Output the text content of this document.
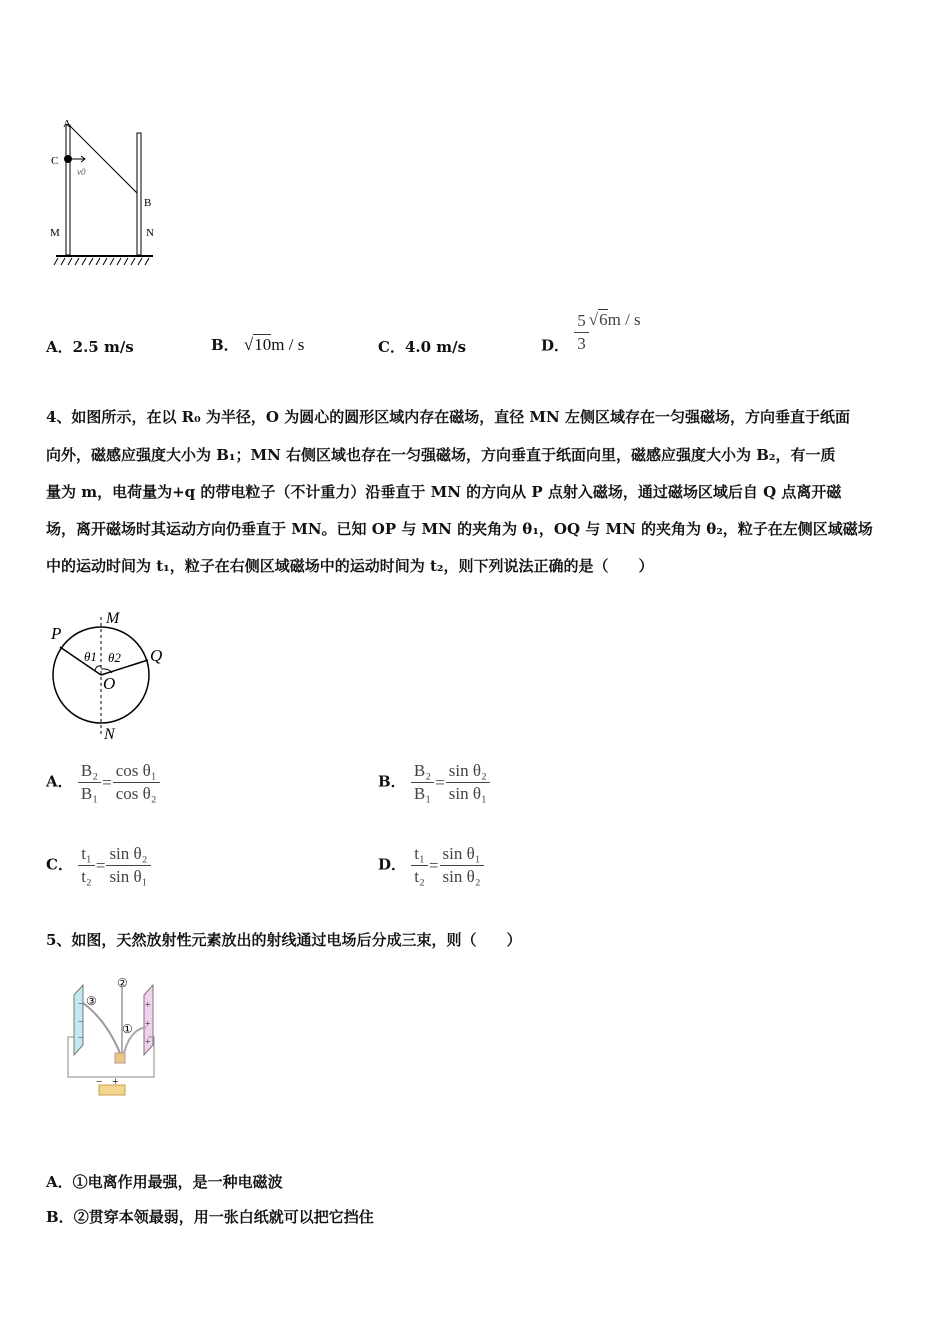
A
C
v0
B
M	N
A．2.5 m/s	B． √10m / s	C．4.0 m/s	D． $\frac{5}{3} √6m$ / s
4、如图所示，在以 R₀ 为半径，O 为圆心的圆形区域内存在磁场，直径 MN 左侧区域存在一匀强磁场，方向垂直于纸面
向外，磁感应强度大小为 B₁；MN 右侧区域也存在一匀强磁场，方向垂直于纸面向里，磁感应强度大小为 B₂，有一质
量为 m，电荷量为+q 的带电粒子（不计重力）沿垂直于 MN 的方向从 P 点射入磁场，通过磁场区域后自 Q 点离开磁
场，离开磁场时其运动方向仍垂直于 MN。已知 OP 与 MN 的夹角为 θ₁，OQ 与 MN 的夹角为 θ₂，粒子在左侧区域磁场
中的运动时间为 t₁，粒子在右侧区域磁场中的运动时间为 t₂，则下列说法正确的是（　　）
P
M
θ1 θ2 Q
O
N
A． $\frac{\text{B₂}}{\text{B₁}} = \frac{\text{cos θ₁}}{\text{cos θ₂}}$	B． $\frac{\text{B₂}}{\text{B₁}} = \frac{\text{sin θ₂}}{\text{sin θ₁}}$
C． $\frac{\text{t₁}}{\text{t₂}} = \frac{\text{sin θ₂}}{\text{sin θ₁}}$	D． $\frac{\text{t₁}}{\text{t₂}} = \frac{\text{sin θ₁}}{\text{sin θ₂}}$
5、如图，天然放射性元素放出的射线通过电场后分成三束，则（　　）
−
−
−
+
+
+
②
③
①
− +
A．①电离作用最强，是一种电磁波
B．②贯穿本领最弱，用一张白纸就可以把它挡住
